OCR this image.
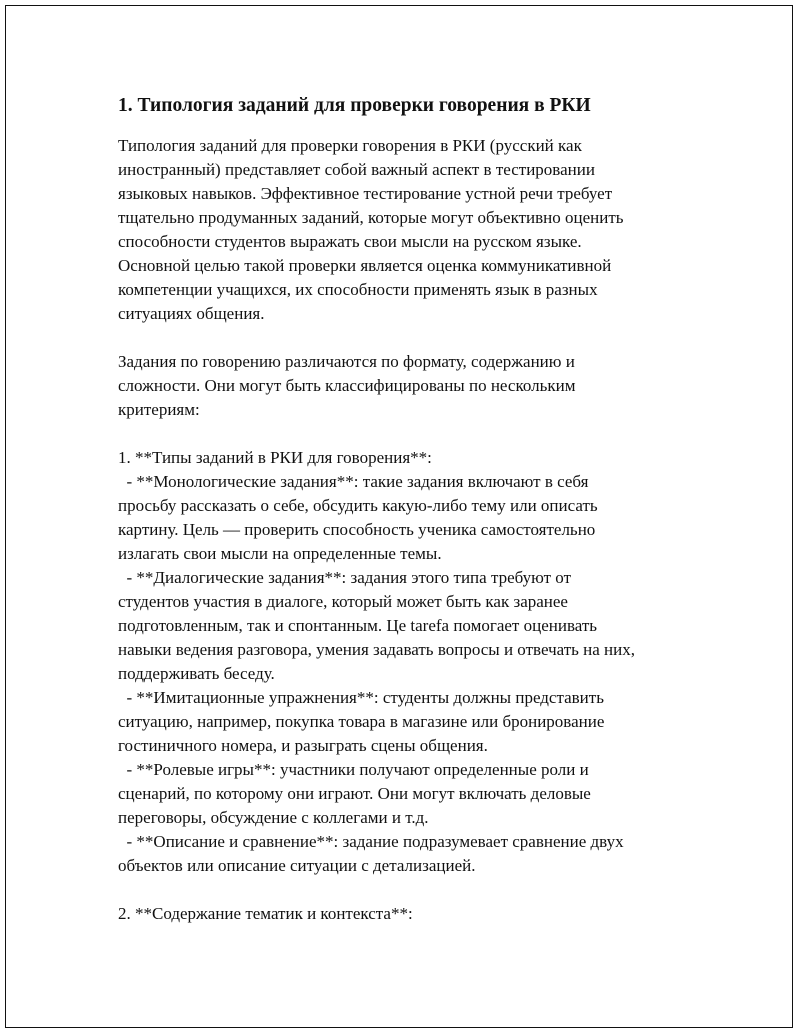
1. Типология заданий для проверки говорения в РКИ

Типология заданий для проверки говорения в РКИ (русский как
иностранный) представляет собой важный аспект в тестировании
языковых навыков. Эффективное тестирование устной речи требует
тщательно продуманных заданий, которые могут объективно оценить
способности студентов выражать свои мысли на русском языке.
Основной целью такой проверки является оценка коммуникативной
компетенции учащихся, их способности применять язык в разных
ситуациях общения.

Задания по говорению различаются по формату, содержанию и
сложности. Они могут быть классифицированы по нескольким
критериям:

1. **Типы заданий в РКИ для говорения**:
- **Монологические задания**: такие задания включают в себя
просьбу рассказать о себе, обсудить какую-либо тему или описать
картину. Цель — проверить способность ученика самостоятельно
излагать свои мысли на определенные темы.
- **Диалогические задания**: задания этого типа требуют от
студентов участия в диалоге, который может быть как заранее
подготовленным, так и спонтанным. Це tarefa помогает оценивать
навыки ведения разговора, умения задавать вопросы и отвечать на них,
поддерживать беседу.
- **Имитационные упражнения**: студенты должны представить
ситуацию, например, покупка товара в магазине или бронирование
гостиничного номера, и разыграть сцены общения.
- **Ролевые игры**: участники получают определенные роли и
сценарий, по которому они играют. Они могут включать деловые
переговоры, обсуждение с коллегами и т.д.
- **Описание и сравнение**: задание подразумевает сравнение двух
объектов или описание ситуации с детализацией.

2. **Содержание тематик и контекста**:
